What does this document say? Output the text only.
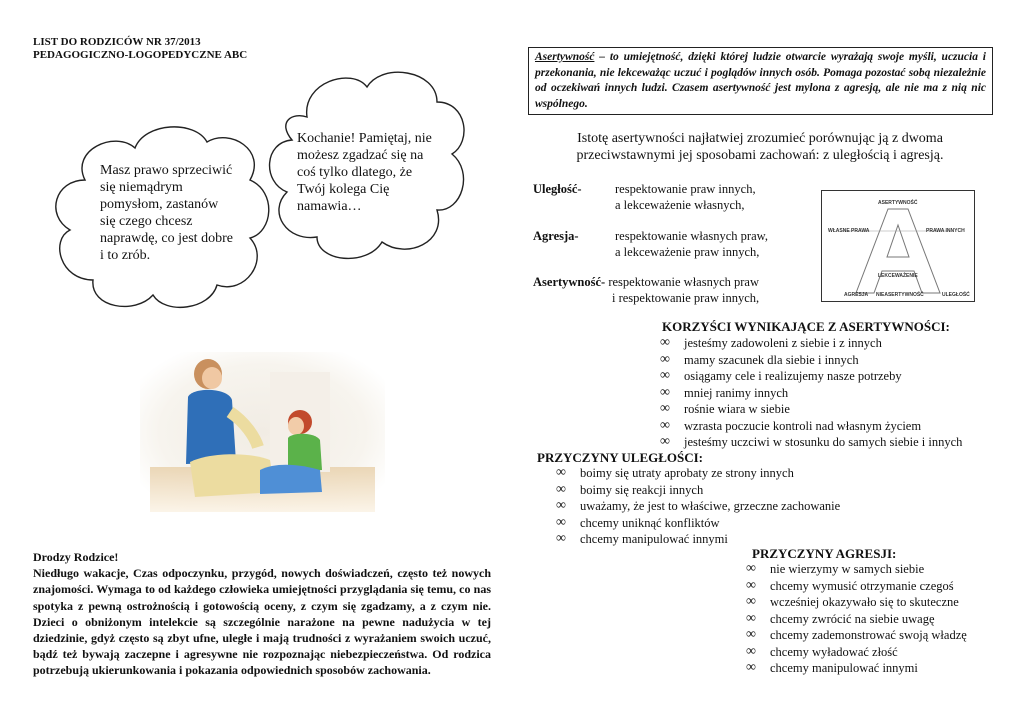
LIST DO RODZICÓW NR 37/2013
PEDAGOGICZNO-LOGOPEDYCZNE ABC
Masz prawo sprzeciwić się niemądrym pomysłom, zastanów się czego chcesz naprawdę, co jest dobre i to zrób.
Kochanie! Pamiętaj, nie możesz zgadzać się na coś tylko dlatego, że Twój kolega Cię namawia…
Asertywność – to umiejętność, dzięki której ludzie otwarcie wyrażają swoje myśli, uczucia i przekonania, nie lekceważąc uczuć i poglądów innych osób. Pomaga pozostać sobą niezależnie od oczekiwań innych ludzi. Czasem asertywność jest mylona z agresją, ale nie ma z nią nic wspólnego.
Istotę asertywności najłatwiej zrozumieć porównując ją z dwoma przeciwstawnymi jej sposobami zachowań: z uległością i agresją.
Uległość-	respektowanie praw innych,
a lekceważenie własnych,
Agresja-	respektowanie własnych praw,
a lekceważenie praw innych,
Asertywność- respektowanie własnych praw
i respektowanie praw innych,
ASERTYWNOŚĆ
WŁASNE PRAWA	PRAWA INNYCH
LEKCEWAŻENIE
AGRESJA NIEASERTYWNOŚĆ	ULEGŁOŚĆ
KORZYŚCI WYNIKAJĄCE Z ASERTYWNOŚCI:
∞	jesteśmy zadowoleni z siebie i z innych
∞	mamy szacunek dla siebie i innych
∞	osiągamy cele i realizujemy nasze potrzeby
∞	mniej ranimy innych
∞	rośnie wiara w siebie
∞	wzrasta poczucie kontroli nad własnym życiem
∞	jesteśmy uczciwi w stosunku do samych siebie i innych
PRZYCZYNY ULEGŁOŚCI:
∞	boimy się utraty aprobaty ze strony innych
∞	boimy się reakcji innych
∞	uważamy, że jest to właściwe, grzeczne zachowanie
∞	chcemy uniknąć konfliktów
∞	chcemy manipulować innymi
PRZYCZYNY AGRESJI:
∞	nie wierzymy w samych siebie
∞	chcemy wymusić otrzymanie czegoś
∞	wcześniej okazywało się to skuteczne
∞	chcemy zwrócić na siebie uwagę
∞	chcemy zademonstrować swoją władzę
∞	chcemy wyładować złość
∞	chcemy manipulować innymi
Drodzy Rodzice!
Niedługo wakacje, Czas odpoczynku, przygód, nowych doświadczeń, często też nowych znajomości. Wymaga to od każdego człowieka umiejętności przyglądania się temu, co nas spotyka z pewną ostrożnością i gotowością oceny, z czym się zgadzamy, a z czym nie. Dzieci o obniżonym intelekcie są szczególnie narażone na pewne nadużycia w tej dziedzinie, gdyż często są zbyt ufne, uległe i mają trudności z wyrażaniem swoich uczuć, bądź też bywają zaczepne i agresywne nie rozpoznając niebezpieczeństwa. Od rodzica potrzebują ukierunkowania i pokazania odpowiednich sposobów zachowania.
